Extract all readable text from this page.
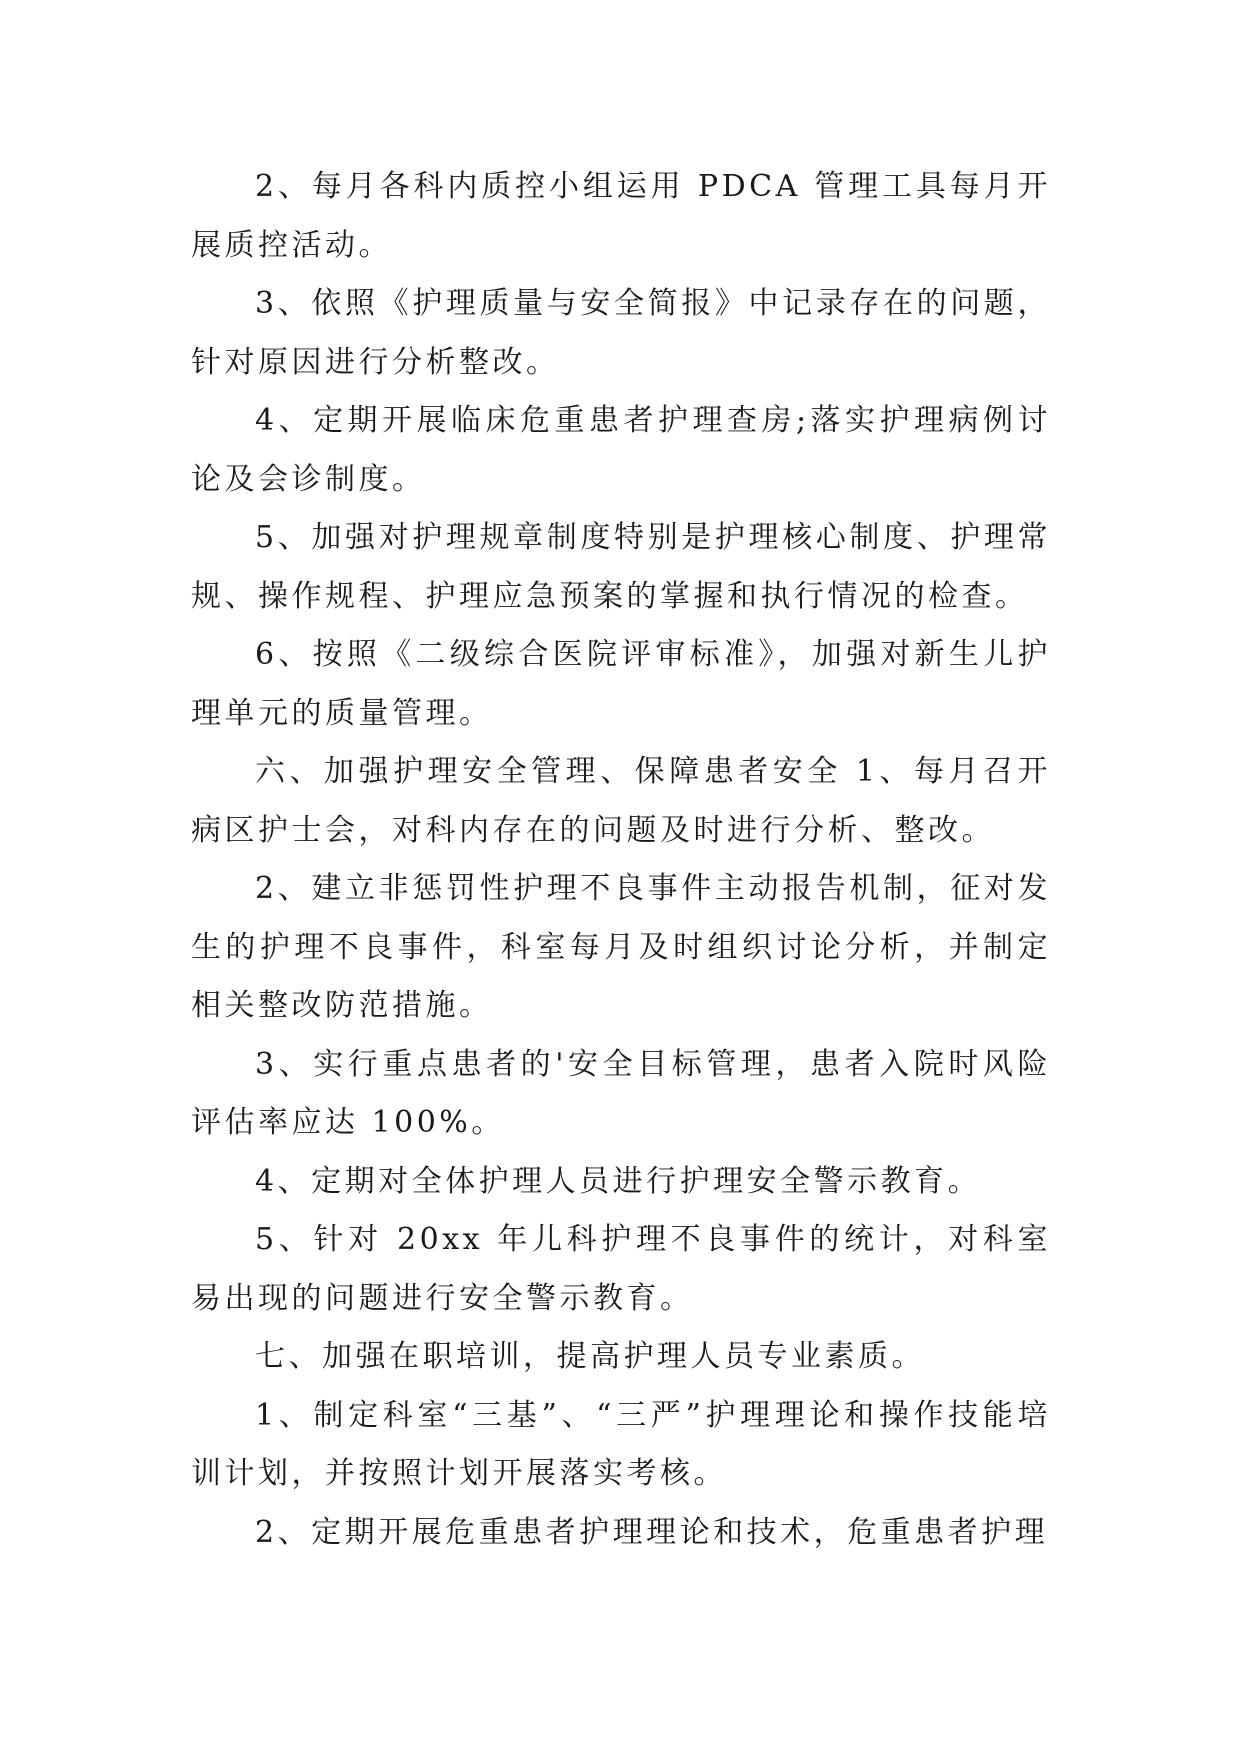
2、每月各科内质控小组运用 PDCA 管理工具每月开展质控活动。

3、依照《护理质量与安全简报》中记录存在的问题，针对原因进行分析整改。

4、定期开展临床危重患者护理查房;落实护理病例讨论及会诊制度。

5、加强对护理规章制度特别是护理核心制度、护理常规、操作规程、护理应急预案的掌握和执行情况的检查。

6、按照《二级综合医院评审标准》，加强对新生儿护理单元的质量管理。

六、加强护理安全管理、保障患者安全 1、每月召开病区护士会，对科内存在的问题及时进行分析、整改。

2、建立非惩罚性护理不良事件主动报告机制，征对发生的护理不良事件，科室每月及时组织讨论分析，并制定相关整改防范措施。

3、实行重点患者的'安全目标管理，患者入院时风险评估率应达 100%。

4、定期对全体护理人员进行护理安全警示教育。

5、针对 20xx 年儿科护理不良事件的统计，对科室易出现的问题进行安全警示教育。

七、加强在职培训，提高护理人员专业素质。

1、制定科室“三基”、“三严”护理理论和操作技能培训计划，并按照计划开展落实考核。

2、定期开展危重患者护理理论和技术，危重患者护理
